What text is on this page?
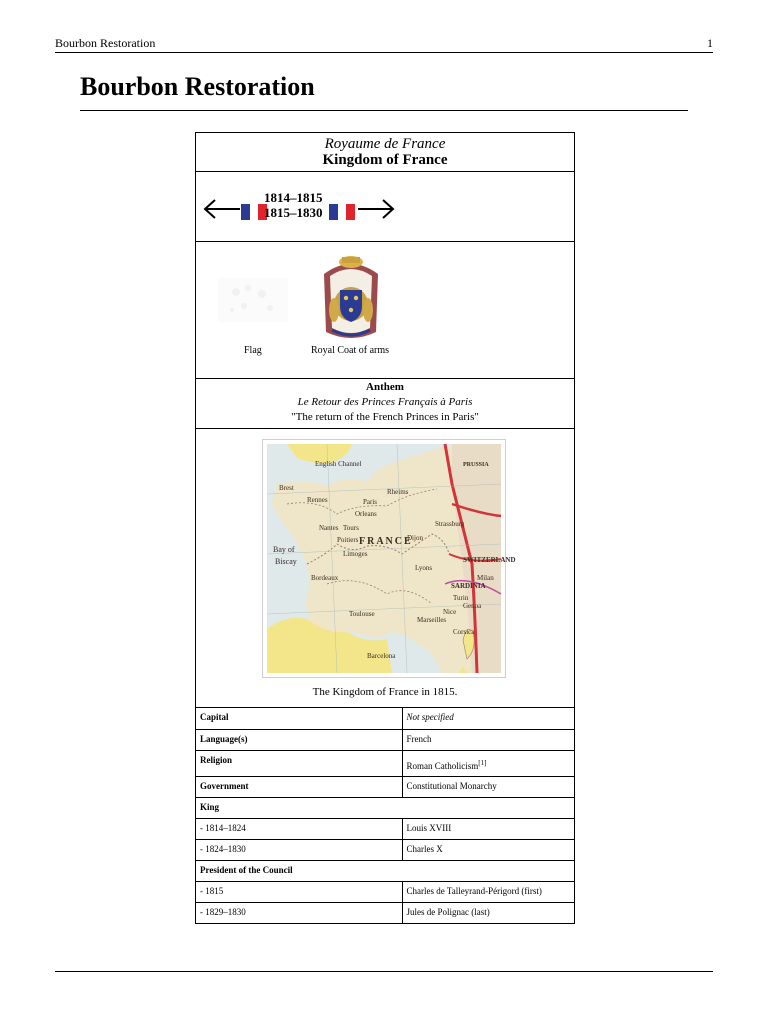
Bourbon Restoration	1
Bourbon Restoration
Royaume de France
Kingdom of France
1814–1815
1815–1830
Flag	Royal Coat of arms
Anthem
Le Retour des Princes Français à Paris
"The return of the French Princes in Paris"
English Channel
Bay of
Biscay
FRANCE
Paris
SWITZERLAND
SARDINIA
PRUSSIA
Corsica
Lyons
Bordeaux
Marseilles
Nantes
Rennes
Brest
Toulouse
Genoa
Turin
Milan
Nice
Barcelona
Strassburg
Rheims
Orleans
Tours
Dijon
Limoges
Poitiers
The Kingdom of France in 1815.
Capital	Not specified
Language(s)	French
Religion	Roman Catholicism[1]
Government	Constitutional Monarchy
King	
- 1814–1824	Louis XVIII
- 1824–1830	Charles X
President of the Council	
- 1815	Charles de Talleyrand-Périgord (first)
- 1829–1830	Jules de Polignac (last)
